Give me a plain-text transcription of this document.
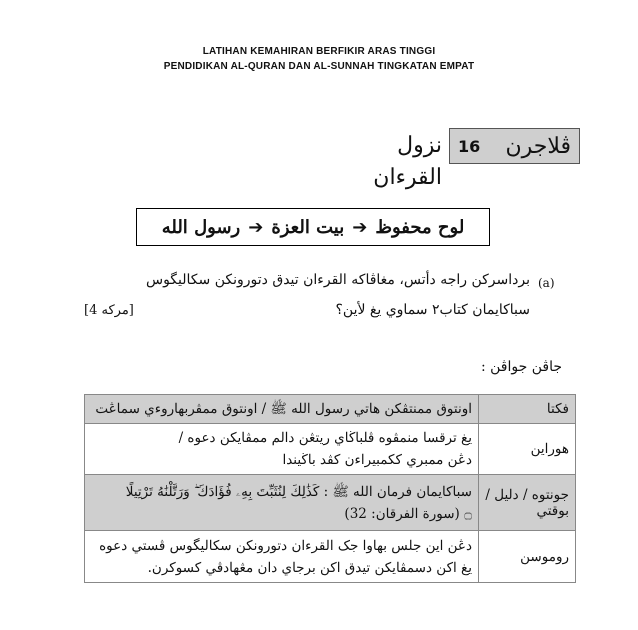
LATIHAN KEMAHIRAN BERFIKIR ARAS TINGGI
PENDIDIKAN AL-QURAN DAN AL-SUNNAH TINGKATAN EMPAT
نزول القرءان
ڤلاجرن
16
لوح محفوظ
➔
بيت العزة
➔
رسول الله
(a)
برداسرکن راجه دأتس، مغاڤاکه القرءان تيدق دتورونکن سکاليگوس
سباکايمان کتاب٢ سماوي يغ لأين؟
[4 مرکه]
جاڤن جواڤن :
فکتا	اونتوق ممنتڤکن هاتي رسول الله ﷺ / اونتوق ممڤربهاروءي سماڠت

هوراين	يغ ترقسا منمڤوه ڤلباڬاي ريتڠن دالم ممڤايکن دعوه /
دڠن ممبري ککمبيراءن کڤد باڬيندا

جونتوه / دليل / بوقتي	سباکايمان فرمان الله ﷺ : كَذَٰلِكَ لِنُثَبِّتَ بِهِۦ فُؤَادَكَ ۖ وَرَتَّلْنَٰهُ تَرْتِيلًا
۝ (سورة الفرقان: 32)

روموسن	دڠن اين جلس بهاوا جک القرءان دتورونکن سکاليگوس ڤستي دعوه
يغ اکن دسمڤايکن تيدق اکن برجاي دان مڠهادڤي کسوکرن.
